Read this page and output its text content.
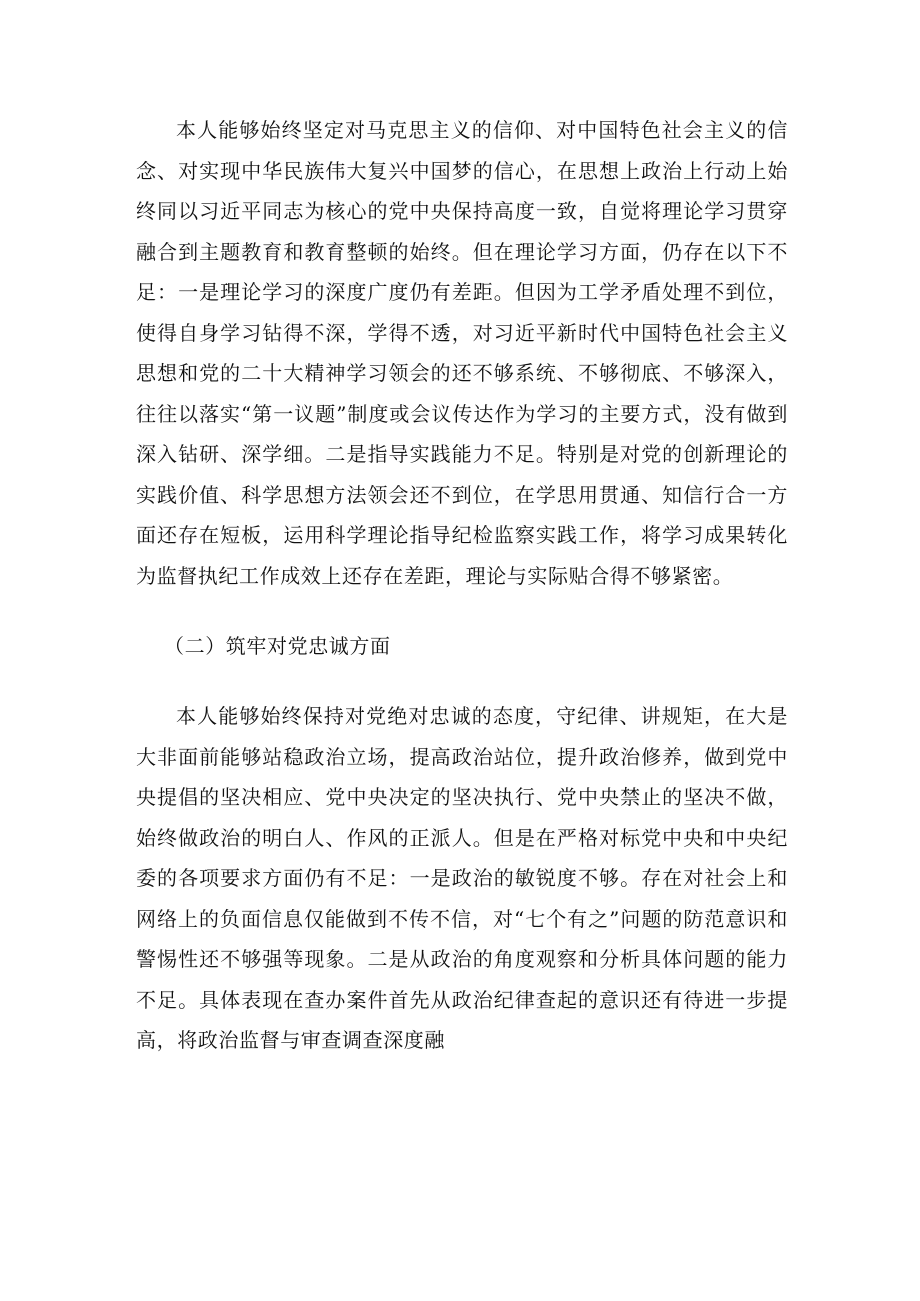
本人能够始终坚定对马克思主义的信仰、对中国特色社会主义的信念、对实现中华民族伟大复兴中国梦的信心，在思想上政治上行动上始终同以习近平同志为核心的党中央保持高度一致，自觉将理论学习贯穿融合到主题教育和教育整顿的始终。但在理论学习方面，仍存在以下不足：一是理论学习的深度广度仍有差距。但因为工学矛盾处理不到位，使得自身学习钻得不深，学得不透，对习近平新时代中国特色社会主义思想和党的二十大精神学习领会的还不够系统、不够彻底、不够深入，往往以落实“第一议题”制度或会议传达作为学习的主要方式，没有做到深入钻研、深学细。二是指导实践能力不足。特别是对党的创新理论的实践价值、科学思想方法领会还不到位，在学思用贯通、知信行合一方面还存在短板，运用科学理论指导纪检监察实践工作，将学习成果转化为监督执纪工作成效上还存在差距，理论与实际贴合得不够紧密。

（二）筑牢对党忠诚方面

本人能够始终保持对党绝对忠诚的态度，守纪律、讲规矩，在大是大非面前能够站稳政治立场，提高政治站位，提升政治修养，做到党中央提倡的坚决相应、党中央决定的坚决执行、党中央禁止的坚决不做，始终做政治的明白人、作风的正派人。但是在严格对标党中央和中央纪委的各项要求方面仍有不足：一是政治的敏锐度不够。存在对社会上和网络上的负面信息仅能做到不传不信，对“七个有之”问题的防范意识和警惕性还不够强等现象。二是从政治的角度观察和分析具体问题的能力不足。具体表现在查办案件首先从政治纪律查起的意识还有待进一步提高，将政治监督与审查调查深度融
